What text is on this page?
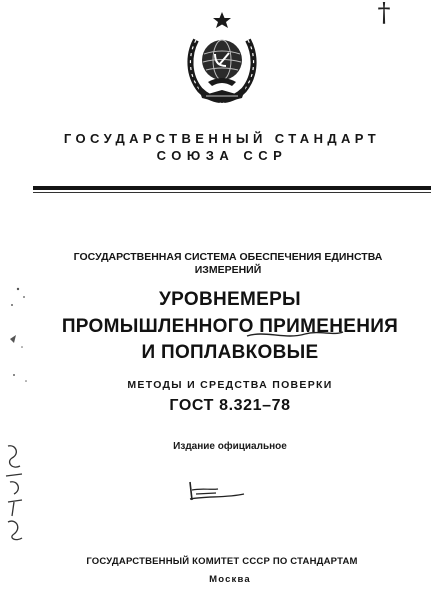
†
ГОСУДАРСТВЕННЫЙ СТАНДАРТ
СОЮЗА ССР
ГОСУДАРСТВЕННАЯ СИСТЕМА ОБЕСПЕЧЕНИЯ ЕДИНСТВА
ИЗМЕРЕНИЙ
УРОВНЕМЕРЫ
ПРОМЫШЛЕННОГО ПРИМЕНЕНИЯ
И ПОПЛАВКОВЫЕ
МЕТОДЫ И СРЕДСТВА ПОВЕРКИ
ГОСТ 8.321–78
Издание официальное
ГОСУДАРСТВЕННЫЙ КОМИТЕТ СССР ПО СТАНДАРТАМ
Москва
